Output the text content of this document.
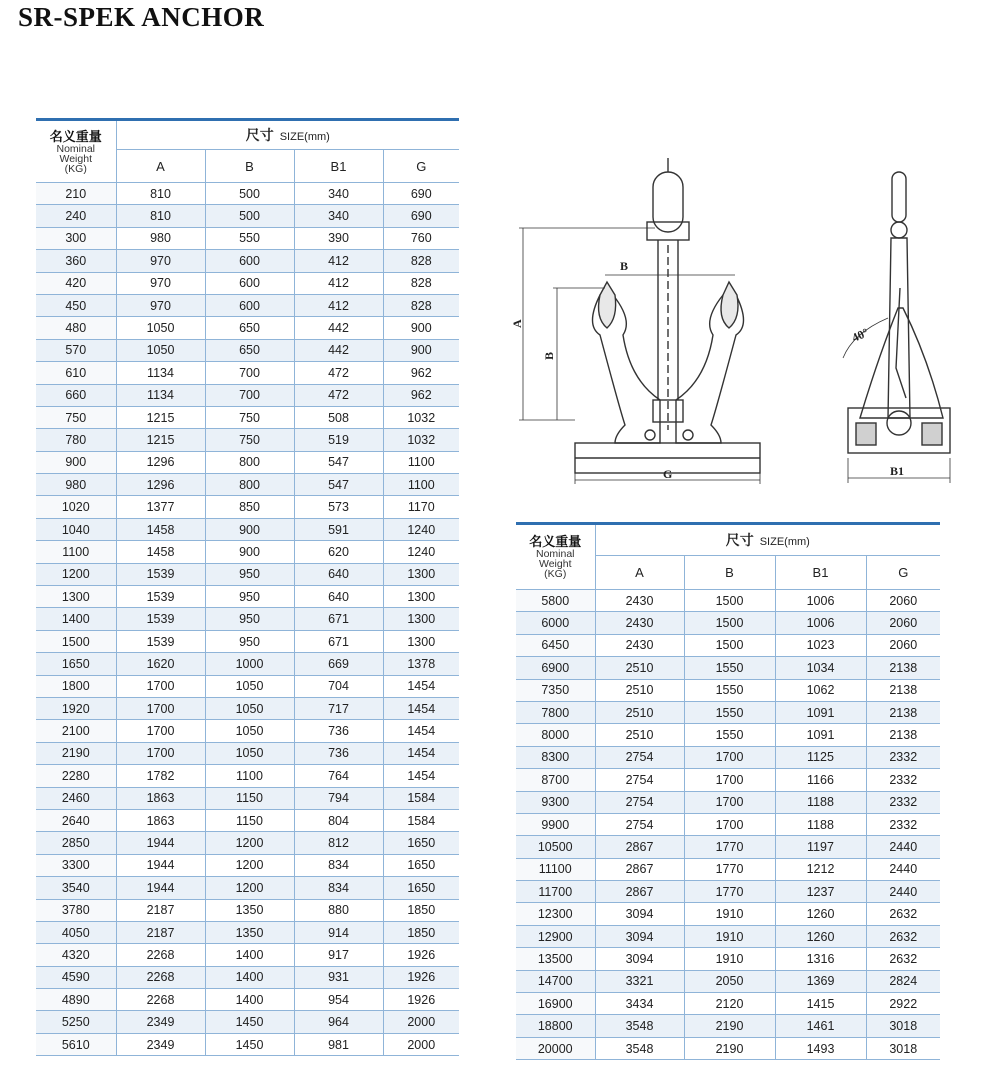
SR-SPEK ANCHOR
名义重量
Nominal
Weight
(KG)	尺寸 SIZE(mm)			
	A	B	B1	G
210	810	500	340	690
240	810	500	340	690
300	980	550	390	760
360	970	600	412	828
420	970	600	412	828
450	970	600	412	828
480	1050	650	442	900
570	1050	650	442	900
610	1134	700	472	962
660	1134	700	472	962
750	1215	750	508	1032
780	1215	750	519	1032
900	1296	800	547	1100
980	1296	800	547	1100
1020	1377	850	573	1170
1040	1458	900	591	1240
1100	1458	900	620	1240
1200	1539	950	640	1300
1300	1539	950	640	1300
1400	1539	950	671	1300
1500	1539	950	671	1300
1650	1620	1000	669	1378
1800	1700	1050	704	1454
1920	1700	1050	717	1454
2100	1700	1050	736	1454
2190	1700	1050	736	1454
2280	1782	1100	764	1454
2460	1863	1150	794	1584
2640	1863	1150	804	1584
2850	1944	1200	812	1650
3300	1944	1200	834	1650
3540	1944	1200	834	1650
3780	2187	1350	880	1850
4050	2187	1350	914	1850
4320	2268	1400	917	1926
4590	2268	1400	931	1926
4890	2268	1400	954	1926
5250	2349	1450	964	2000
5610	2349	1450	981	2000
名义重量
Nominal
Weight
(KG)	尺寸 SIZE(mm)			
	A	B	B1	G
5800	2430	1500	1006	2060
6000	2430	1500	1006	2060
6450	2430	1500	1023	2060
6900	2510	1550	1034	2138
7350	2510	1550	1062	2138
7800	2510	1550	1091	2138
8000	2510	1550	1091	2138
8300	2754	1700	1125	2332
8700	2754	1700	1166	2332
9300	2754	1700	1188	2332
9900	2754	1700	1188	2332
10500	2867	1770	1197	2440
11100	2867	1770	1212	2440
11700	2867	1770	1237	2440
12300	3094	1910	1260	2632
12900	3094	1910	1260	2632
13500	3094	1910	1316	2632
14700	3321	2050	1369	2824
16900	3434	2120	1415	2922
18800	3548	2190	1461	3018
20000	3548	2190	1493	3018
A
B
B
G
40°
B1
